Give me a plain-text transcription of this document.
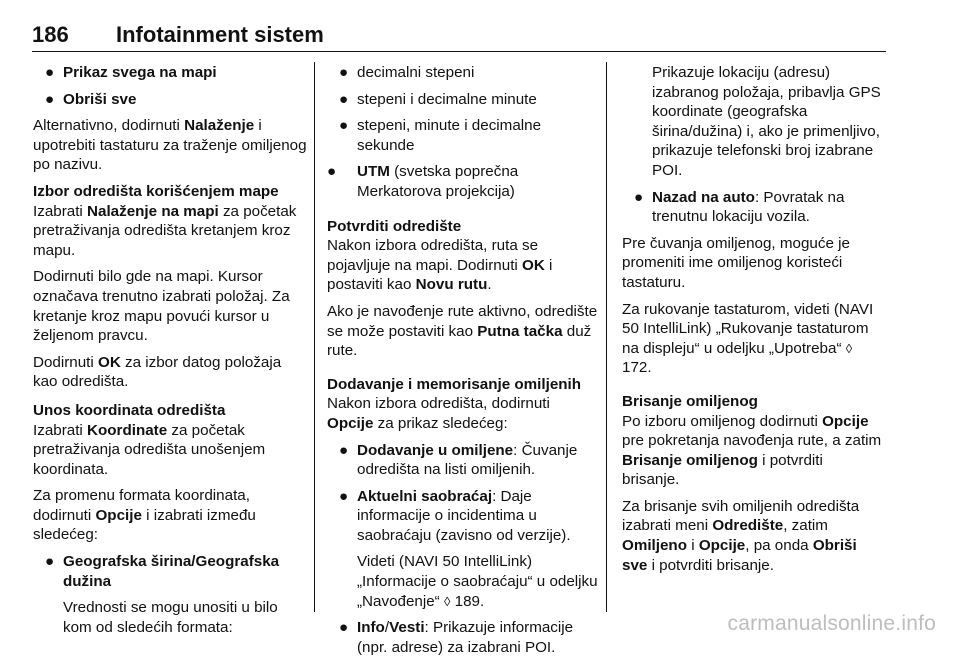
186 Infotainment sistem
● Prikaz svega na mapi
● Obriši sve

Alternativno, dodirnuti Nalaženje i upotrebiti tastaturu za traženje omiljenog po nazivu.

Izbor odredišta korišćenjem mape

Izabrati Nalaženje na mapi za početak pretraživanja odredišta kretanjem kroz mapu.

Dodirnuti bilo gde na mapi. Kursor označava trenutno izabrati položaj. Za kretanje kroz mapu povući kursor u željenom pravcu.

Dodirnuti OK za izbor datog položaja kao odredišta.

Unos koordinata odredišta

Izabrati Koordinate za početak pretraživanja odredišta unošenjem koordinata.

Za promenu formata koordinata, dodirnuti Opcije i izabrati između sledećeg:

● Geografska širina/Geografska dužina
Vrednosti se mogu unositi u bilo kom od sledećih formata:
● decimalni stepeni
● stepeni i decimalne minute
● stepeni, minute i decimalne sekunde
● UTM (svetska poprečna Merkatorova projekcija)
Potvrditi odredište

Nakon izbora odredišta, ruta se pojavljuje na mapi. Dodirnuti OK i postaviti kao Novu rutu.

Ako je navođenje rute aktivno, odredište se može postaviti kao Putna tačka duž rute.

Dodavanje i memorisanje omiljenih

Nakon izbora odredišta, dodirnuti Opcije za prikaz sledećeg:

● Dodavanje u omiljene: Čuvanje odredišta na listi omiljenih.
● Aktuelni saobraćaj: Daje informacije o incidentima u saobraćaju (zavisno od verzije).
Videti (NAVI 50 IntelliLink) „Informacije o saobraćaju“ u odeljku „Navođenje“ ◊ 189.
● Info/Vesti: Prikazuje informacije (npr. adrese) za izabrani POI.
Prikazuje lokaciju (adresu) izabranog položaja, pribavlja GPS koordinate (geografska širina/dužina) i, ako je primenljivo, prikazuje telefonski broj izabrane POI.
● Nazad na auto: Povratak na trenutnu lokaciju vozila.

Pre čuvanja omiljenog, moguće je promeniti ime omiljenog koristeći tastaturu.

Za rukovanje tastaturom, videti (NAVI 50 IntelliLink) „Rukovanje tastaturom na displeju“ u odeljku „Upotreba“ ◊ 172.

Brisanje omiljenog

Po izboru omiljenog dodirnuti Opcije pre pokretanja navođenja rute, a zatim Brisanje omiljenog i potvrditi brisanje.

Za brisanje svih omiljenih odredišta izabrati meni Odredište, zatim Omiljeno i Opcije, pa onda Obriši sve i potvrditi brisanje.

carmanualsonline.info
